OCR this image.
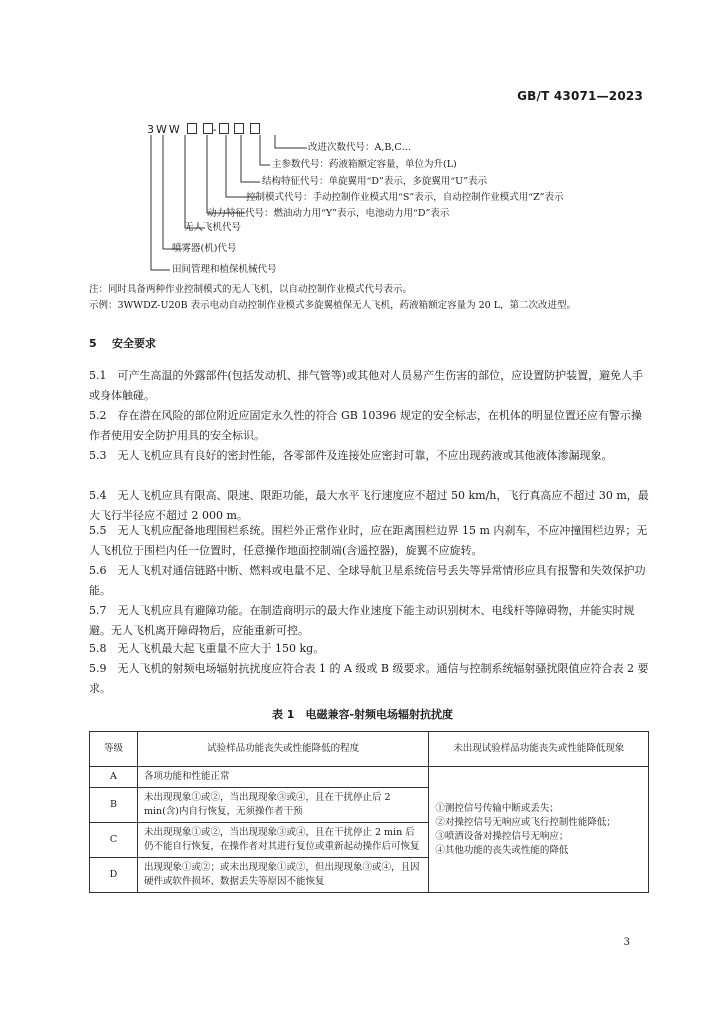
GB/T 43071—2023
3WW	-
改进次数代号：A,B,C…
主参数代号：药液箱额定容量，单位为升(L)
结构特征代号：单旋翼用“D”表示，多旋翼用“U”表示
控制模式代号：手动控制作业模式用“S”表示，自动控制作业模式用“Z”表示
动力特征代号：燃油动力用“Y”表示，电池动力用“D”表示
无人飞机代号
喷雾器(机)代号
田间管理和植保机械代号
注：同时具备两种作业控制模式的无人飞机，以自动控制作业模式代号表示。
示例：3WWDZ-U20B 表示电动自动控制作业模式多旋翼植保无人飞机，药液箱额定容量为 20 L，第二次改进型。
5 安全要求
5.1　可产生高温的外露部件(包括发动机、排气管等)或其他对人员易产生伤害的部位，应设置防护装置，避免人手或身体触碰。
5.2　存在潜在风险的部位附近应固定永久性的符合 GB 10396 规定的安全标志，在机体的明显位置还应有警示操作者使用安全防护用具的安全标识。
5.3　无人飞机应具有良好的密封性能，各零部件及连接处应密封可靠，不应出现药液或其他液体渗漏现象。
5.4　无人飞机应具有限高、限速、限距功能，最大水平飞行速度应不超过 50 km/h，飞行真高应不超过 30 m，最大飞行半径应不超过 2 000 m。
5.5　无人飞机应配备地理围栏系统。围栏外正常作业时，应在距离围栏边界 15 m 内刹车，不应冲撞围栏边界；无人飞机位于围栏内任一位置时，任意操作地面控制端(含遥控器)，旋翼不应旋转。
5.6　无人飞机对通信链路中断、燃料或电量不足、全球导航卫星系统信号丢失等异常情形应具有报警和失效保护功能。
5.7　无人飞机应具有避障功能。在制造商明示的最大作业速度下能主动识别树木、电线杆等障碍物，并能实时规避。无人飞机离开障碍物后，应能重新可控。
5.8　无人飞机最大起飞重量不应大于 150 kg。
5.9　无人飞机的射频电场辐射抗扰度应符合表 1 的 A 级或 B 级要求。通信与控制系统辐射骚扰限值应符合表 2 要求。
表 1　电磁兼容-射频电场辐射抗扰度
等级	试验样品功能丧失或性能降低的程度	未出现试验样品功能丧失或性能降低现象
A	各项功能和性能正常	①测控信号传输中断或丢失；
②对操控信号无响应或飞行控制性能降低；
③喷洒设备对操控信号无响应；
④其他功能的丧失或性能的降低

B	未出现现象①或②，当出现现象③或④，且在干扰停止后 2 min(含)内自行恢复，无须操作者干预	
C	未出现现象①或②，当出现现象③或④，且在干扰停止 2 min 后仍不能自行恢复，在操作者对其进行复位或重新起动操作后可恢复	
D	出现现象①或②；或未出现现象①或②，但出现现象③或④，且因硬件或软件损坏、数据丢失等原因不能恢复	
3
